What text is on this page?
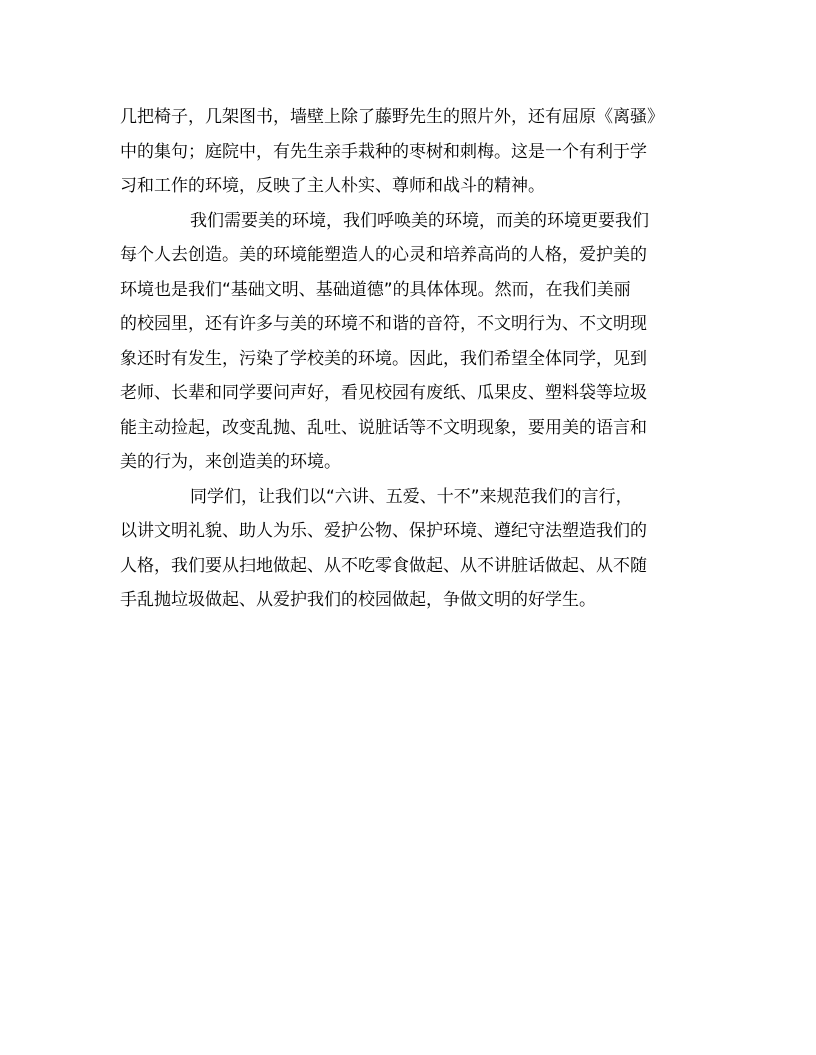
几把椅子，几架图书，墙壁上除了藤野先生的照片外，还有屈原《离骚》
中的集句；庭院中，有先生亲手栽种的枣树和刺梅。这是一个有利于学
习和工作的环境，反映了主人朴实、尊师和战斗的精神。
我们需要美的环境，我们呼唤美的环境，而美的环境更要我们
每个人去创造。美的环境能塑造人的心灵和培养高尚的人格，爱护美的
环境也是我们“基础文明、基础道德”的具体体现。然而，在我们美丽
的校园里，还有许多与美的环境不和谐的音符，不文明行为、不文明现
象还时有发生，污染了学校美的环境。因此，我们希望全体同学，见到
老师、长辈和同学要问声好，看见校园有废纸、瓜果皮、塑料袋等垃圾
能主动捡起，改变乱抛、乱吐、说脏话等不文明现象，要用美的语言和
美的行为，来创造美的环境。
同学们，让我们以“六讲、五爱、十不”来规范我们的言行，
以讲文明礼貌、助人为乐、爱护公物、保护环境、遵纪守法塑造我们的
人格，我们要从扫地做起、从不吃零食做起、从不讲脏话做起、从不随
手乱抛垃圾做起、从爱护我们的校园做起，争做文明的好学生。
